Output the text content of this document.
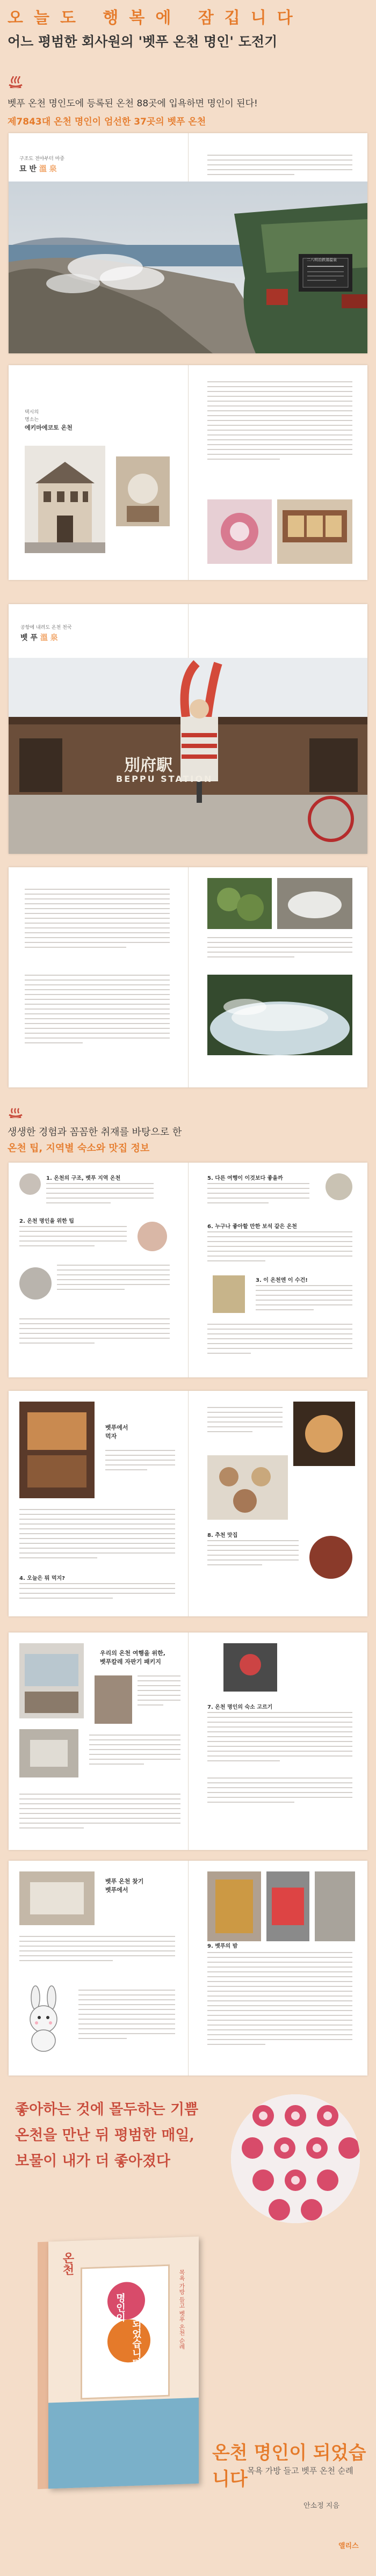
오늘도 행복에 잠깁니다
어느 평범한 회사원의 '벳푸 온천 명인' 도전기
벳푸 온천 명인도에 등록된 온천 88곳에 입욕하면 명인이 된다!
제7843대 온천 명인이 엄선한 37곳의 벳푸 온천
구조도 전야부터 마중
묘 반 溫 泉
二八明治鉄湯温泉
택시의
명소는
에키마에코토 온천
공항에 내려도 온천 천국
벳 푸 溫 泉
別府駅
BEPPU STATION
생생한 경험과 꼼꼼한 취재를 바탕으로 한
온천 팁, 지역별 숙소와 맛집 정보
1. 온천의 구조, 벳푸 지역 온천
2. 온천 명인을 위한 팁
5. 다른 여행이 이것보다 좋을까
6. 누구나 좋아할 만한 보석 같은 온천
3. 이 온천엔 이 수건!
벳푸에서
먹자
4. 오늘은 뭐 먹지?
8. 추천 맛집
우리의 온천 여행을 위한,
벳푸칼레 자판기 패키지
7. 온천 명인의 숙소 고르기
벳푸 온천 찾기
벳푸에서
9. 벳푸의 밤
좋아하는 것에 몰두하는 기쁨
온천을 만난 뒤 평범한 매일,
보물이 내가 더 좋아졌다
온천
명인이
되었습니다	목욕 가방 들고 벳푸 온천 순례
온천 명인이 되었습니다 목욕 가방 들고 벳푸 온천 순례
안소정 지음
앨리스
